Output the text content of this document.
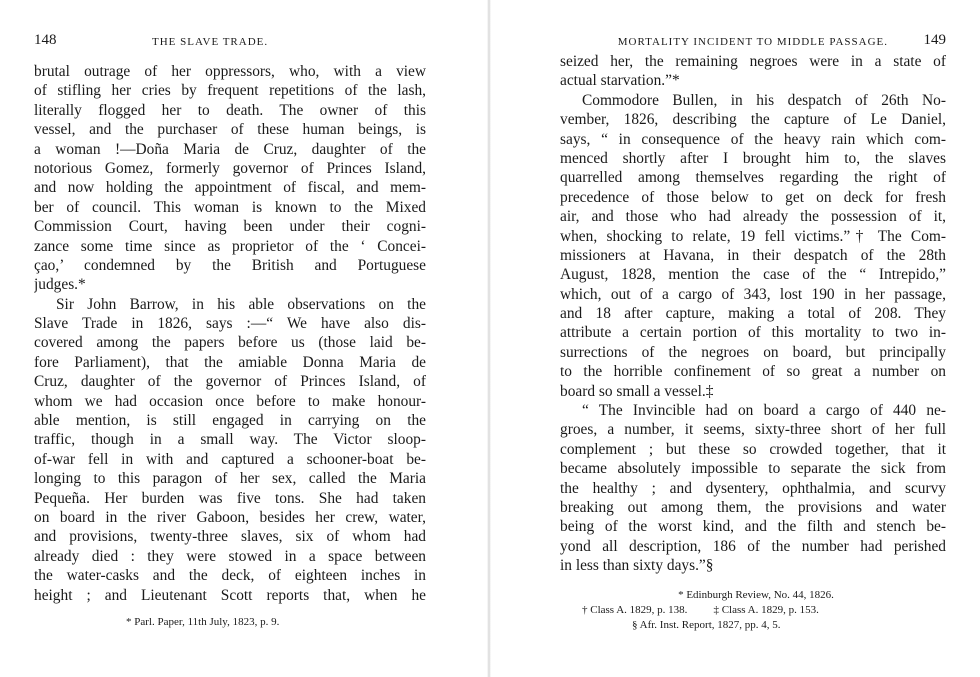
148	THE SLAVE TRADE.
brutal outrage of her oppressors, who, with a view
of stifling her cries by frequent repetitions of the lash,
literally flogged her to death. The owner of this
vessel, and the purchaser of these human beings, is
a woman !—Doña Maria de Cruz, daughter of the
notorious Gomez, formerly governor of Princes Island,
and now holding the appointment of fiscal, and mem-
ber of council. This woman is known to the Mixed
Commission Court, having been under their cogni-
zance some time since as proprietor of the ‘ Concei-
çao,’ condemned by the British and Portuguese
judges.*
Sir John Barrow, in his able observations on the
Slave Trade in 1826, says :—“ We have also dis-
covered among the papers before us (those laid be-
fore Parliament), that the amiable Donna Maria de
Cruz, daughter of the governor of Princes Island, of
whom we had occasion once before to make honour-
able mention, is still engaged in carrying on the
traffic, though in a small way. The Victor sloop-
of-war fell in with and captured a schooner-boat be-
longing to this paragon of her sex, called the Maria
Pequeña. Her burden was five tons. She had taken
on board in the river Gaboon, besides her crew, water,
and provisions, twenty-three slaves, six of whom had
already died : they were stowed in a space between
the water-casks and the deck, of eighteen inches in
height ; and Lieutenant Scott reports that, when he
* Parl. Paper, 11th July, 1823, p. 9.
MORTALITY INCIDENT TO MIDDLE PASSAGE. 149
seized her, the remaining negroes were in a state of
actual starvation.”*
Commodore Bullen, in his despatch of 26th No-
vember, 1826, describing the capture of Le Daniel,
says, “ in consequence of the heavy rain which com-
menced shortly after I brought him to, the slaves
quarrelled among themselves regarding the right of
precedence of those below to get on deck for fresh
air, and those who had already the possession of it,
when, shocking to relate, 19 fell victims.”† The Com-
missioners at Havana, in their despatch of the 28th
August, 1828, mention the case of the “ Intrepido,”
which, out of a cargo of 343, lost 190 in her passage,
and 18 after capture, making a total of 208. They
attribute a certain portion of this mortality to two in-
surrections of the negroes on board, but principally
to the horrible confinement of so great a number on
board so small a vessel.‡
“ The Invincible had on board a cargo of 440 ne-
groes, a number, it seems, sixty-three short of her full
complement ; but these so crowded together, that it
became absolutely impossible to separate the sick from
the healthy ; and dysentery, ophthalmia, and scurvy
breaking out among them, the provisions and water
being of the worst kind, and the filth and stench be-
yond all description, 186 of the number had perished
in less than sixty days.”§
* Edinburgh Review, No. 44, 1826.
† Class A. 1829, p. 138. ‡ Class A. 1829, p. 153.
§ Afr. Inst. Report, 1827, pp. 4, 5.
